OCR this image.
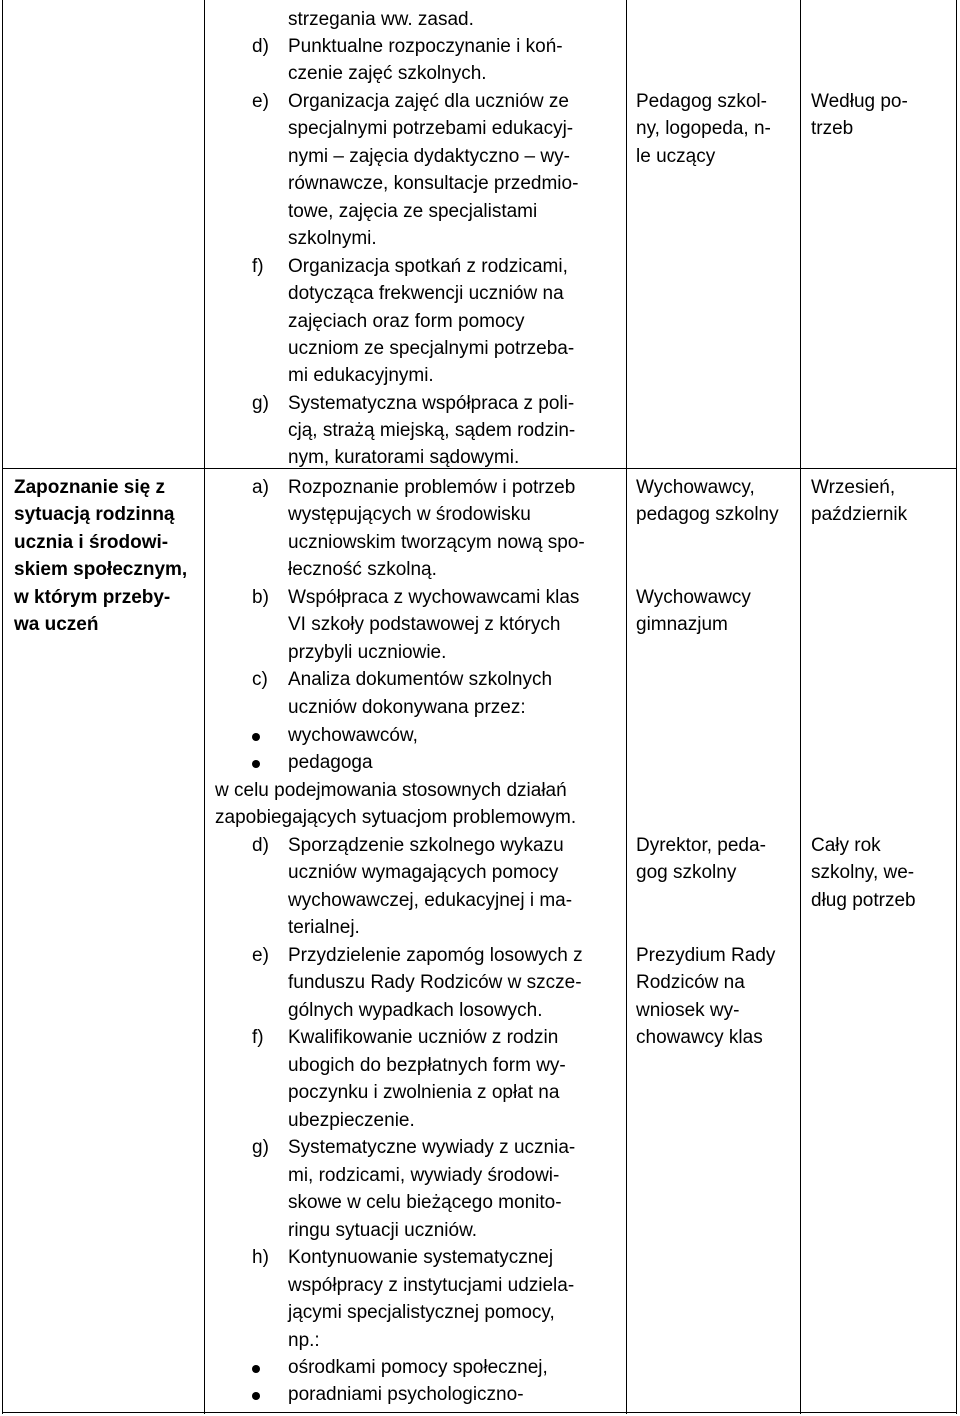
strzegania ww. zasad.
d) Punktualne rozpoczynanie i koń-
czenie zajęć szkolnych.
e) Organizacja zajęć dla uczniów ze
specjalnymi potrzebami edukacyj-
nymi – zajęcia dydaktyczno – wy-
równawcze, konsultacje przedmio-
towe, zajęcia ze specjalistami
szkolnymi.
f) Organizacja spotkań z rodzicami,
dotycząca frekwencji uczniów na
zajęciach oraz form pomocy
uczniom ze specjalnymi potrzeba-
mi edukacyjnymi.
g) Systematyczna współpraca z poli-
cją, strażą miejską, sądem rodzin-
nym, kuratorami sądowymi.
Pedagog szkol-
ny, logopeda, n-
le uczący
Według po-
trzeb
Zapoznanie się z
sytuacją rodzinną
ucznia i środowi-
skiem społecznym,
w którym przeby-
wa uczeń
a) Rozpoznanie problemów i potrzeb
występujących w środowisku
uczniowskim tworzącym nową spo-
łeczność szkolną.
b) Współpraca z wychowawcami klas
VI szkoły podstawowej z których
przybyli uczniowie.
c) Analiza dokumentów szkolnych
uczniów dokonywana przez:
wychowawców,
pedagoga
w celu podejmowania stosownych działań
zapobiegających sytuacjom problemowym.
d) Sporządzenie szkolnego wykazu
uczniów wymagających pomocy
wychowawczej, edukacyjnej i ma-
terialnej.
e) Przydzielenie zapomóg losowych z
funduszu Rady Rodziców w szcze-
gólnych wypadkach losowych.
f) Kwalifikowanie uczniów z rodzin
ubogich do bezpłatnych form wy-
poczynku i zwolnienia z opłat na
ubezpieczenie.
g) Systematyczne wywiady z ucznia-
mi, rodzicami, wywiady środowi-
skowe w celu bieżącego monito-
ringu sytuacji uczniów.
h) Kontynuowanie systematycznej
współpracy z instytucjami udziela-
jącymi specjalistycznej pomocy,
np.:
ośrodkami pomocy społecznej,
poradniami psychologiczno-
Wychowawcy,
pedagog szkolny
Wychowawcy
gimnazjum
Dyrektor, peda-
gog szkolny
Prezydium Rady
Rodziców na
wniosek wy-
chowawcy klas
Wrzesień,
październik
Cały rok
szkolny, we-
dług potrzeb
